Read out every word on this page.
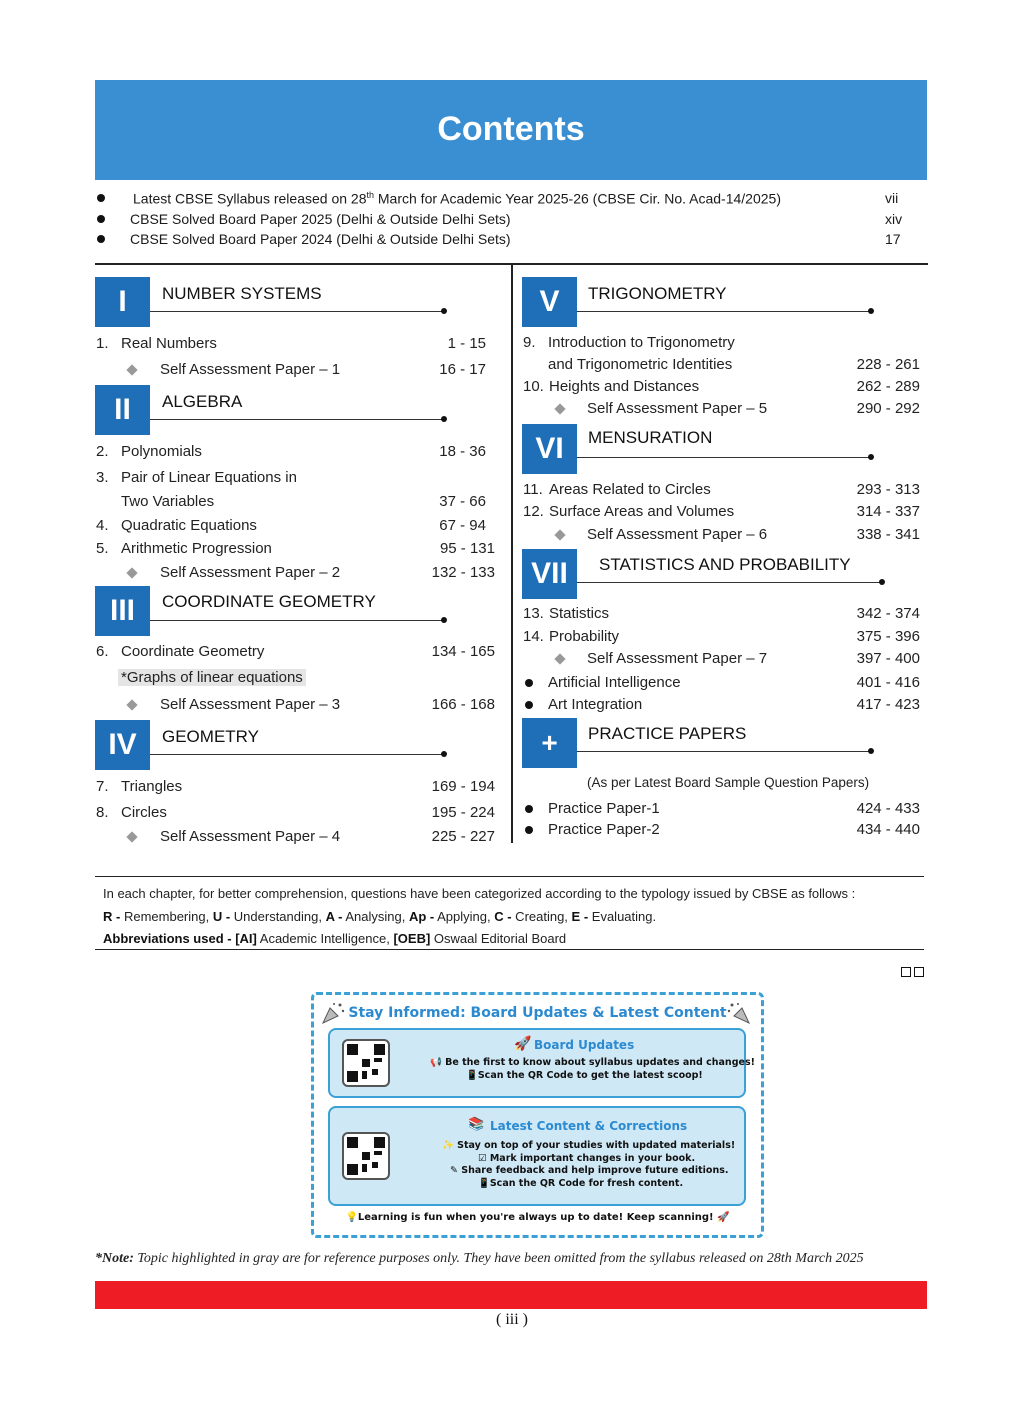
Contents
Latest CBSE Syllabus released on 28th March for Academic Year 2025-26 (CBSE Cir. No. Acad-14/2025)	vii
CBSE Solved Board Paper 2025 (Delhi & Outside Delhi Sets)	xiv
CBSE Solved Board Paper 2024 (Delhi & Outside Delhi Sets)	17
I	NUMBER SYSTEMS
1. Real Numbers	1 - 15
Self Assessment Paper – 1	16 - 17
II	ALGEBRA
2. Polynomials	18 - 36
3. Pair of Linear Equations in
Two Variables	37 - 66
4. Quadratic Equations	67 - 94
5. Arithmetic Progression	95 - 131
Self Assessment Paper – 2	132 - 133
III	COORDINATE GEOMETRY
6. Coordinate Geometry	134 - 165
*Graphs of linear equations
Self Assessment Paper – 3	166 - 168
IV	GEOMETRY
7. Triangles	169 - 194
8. Circles	195 - 224
Self Assessment Paper – 4	225 - 227
V	TRIGONOMETRY
9. Introduction to Trigonometry
and Trigonometric Identities	228 - 261
10. Heights and Distances	262 - 289
Self Assessment Paper – 5	290 - 292
VI	MENSURATION
11. Areas Related to Circles	293 - 313
12. Surface Areas and Volumes	314 - 337
Self Assessment Paper – 6	338 - 341
VII	STATISTICS AND PROBABILITY
13. Statistics	342 - 374
14. Probability	375 - 396
Self Assessment Paper – 7	397 - 400
Artificial Intelligence	401 - 416
Art Integration	417 - 423
+	PRACTICE PAPERS
(As per Latest Board Sample Question Papers)
Practice Paper-1	424 - 433
Practice Paper-2	434 - 440
In each chapter, for better comprehension, questions have been categorized according to the typology issued by CBSE as follows :
R - Remembering, U - Understanding, A - Analysing, Ap - Applying, C - Creating, E - Evaluating.
Abbreviations used - [AI] Academic Intelligence, [OEB] Oswaal Editorial Board
Stay Informed: Board Updates & Latest Content
Board Updates
🚀
📢 Be the first to know about syllabus updates and changes!
📱Scan the QR Code to get the latest scoop!
📚 Latest Content & Corrections
✨ Stay on top of your studies with updated materials!
☑ Mark important changes in your book.
✎ Share feedback and help improve future editions.
📱Scan the QR Code for fresh content.
💡Learning is fun when you're always up to date! Keep scanning! 🚀
*Note: Topic highlighted in gray are for reference purposes only. They have been omitted from the syllabus released on 28th March 2025
( iii )
